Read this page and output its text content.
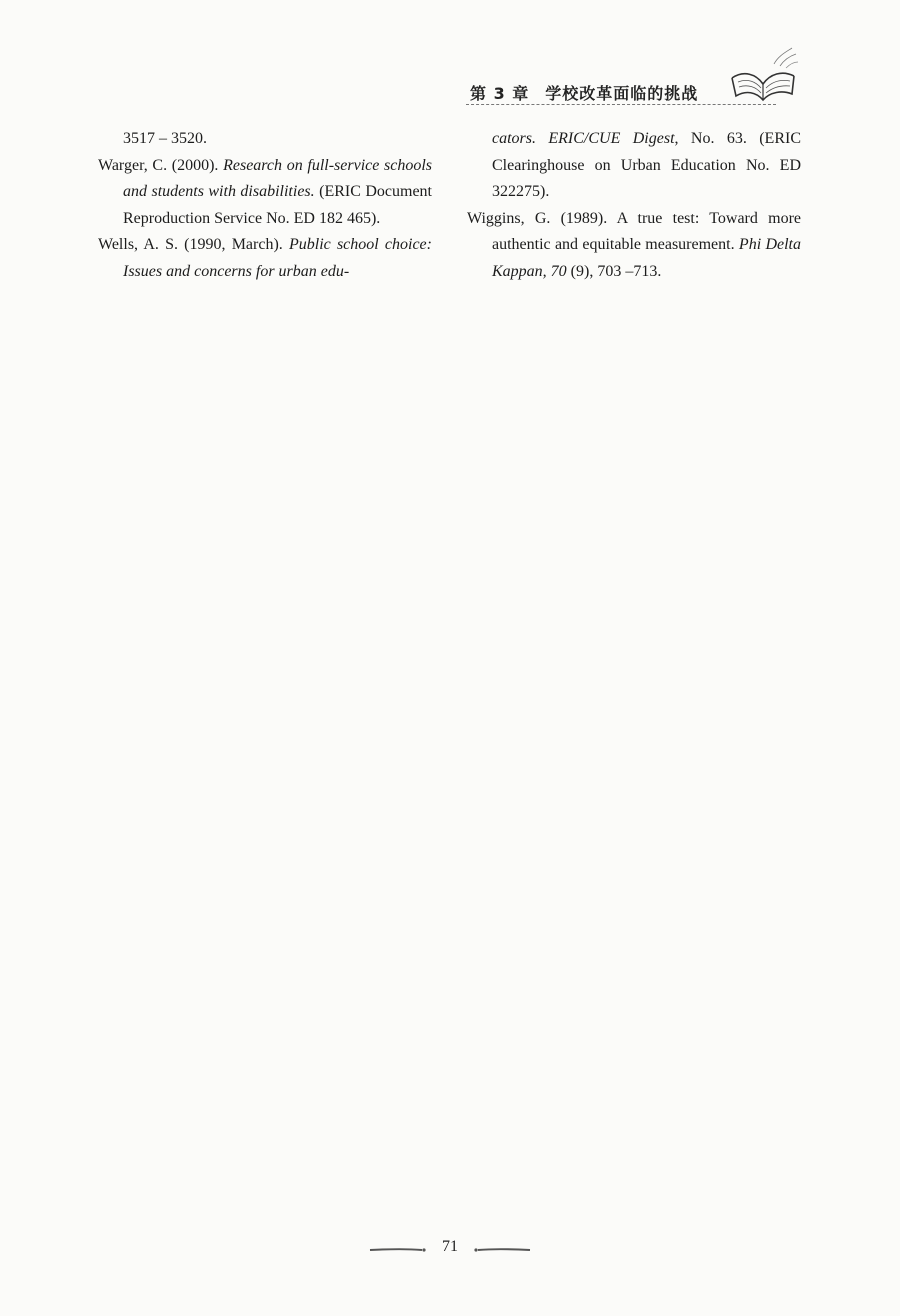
第 3 章 学校改革面临的挑战

3517 – 3520.

Warger, C. (2000). Research on full-service schools and students with disabilities. (ERIC Document Reproduction Service No. ED 182 465).

Wells, A. S. (1990, March). Public school choice: Issues and concerns for urban edu-

cators. ERIC/CUE Digest, No. 63. (ERIC Clearinghouse on Urban Education No. ED 322275).

Wiggins, G. (1989). A true test: Toward more authentic and equitable measurement. Phi Delta Kappan, 70 (9), 703 –713.

71
